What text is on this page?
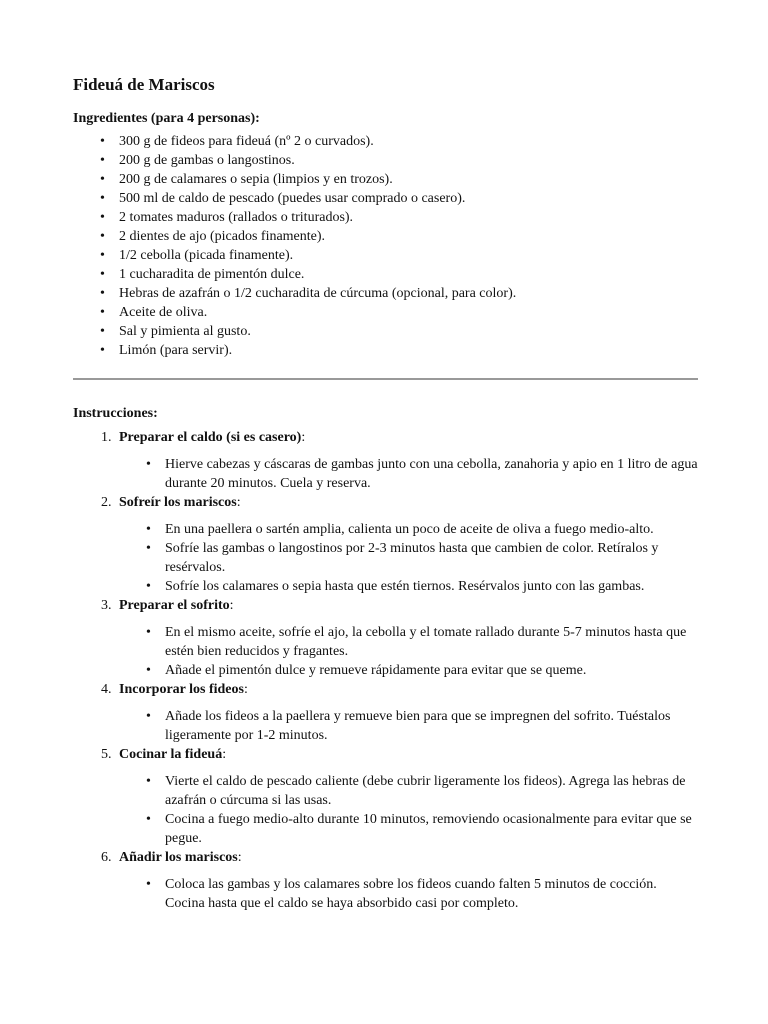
Fideuá de Mariscos
Ingredientes (para 4 personas):
• 300 g de fideos para fideuá (nº 2 o curvados).
• 200 g de gambas o langostinos.
• 200 g de calamares o sepia (limpios y en trozos).
• 500 ml de caldo de pescado (puedes usar comprado o casero).
• 2 tomates maduros (rallados o triturados).
• 2 dientes de ajo (picados finamente).
• 1/2 cebolla (picada finamente).
• 1 cucharadita de pimentón dulce.
• Hebras de azafrán o 1/2 cucharadita de cúrcuma (opcional, para color).
• Aceite de oliva.
• Sal y pimienta al gusto.
• Limón (para servir).
Instrucciones:
1. Preparar el caldo (si es casero):
• Hierve cabezas y cáscaras de gambas junto con una cebolla, zanahoria y apio en 1 litro de agua durante 20 minutos. Cuela y reserva.
2. Sofreír los mariscos:
• En una paellera o sartén amplia, calienta un poco de aceite de oliva a fuego medio-alto.
• Sofríe las gambas o langostinos por 2-3 minutos hasta que cambien de color. Retíralos y resérvalos.
• Sofríe los calamares o sepia hasta que estén tiernos. Resérvalos junto con las gambas.
3. Preparar el sofrito:
• En el mismo aceite, sofríe el ajo, la cebolla y el tomate rallado durante 5-7 minutos hasta que estén bien reducidos y fragantes.
• Añade el pimentón dulce y remueve rápidamente para evitar que se queme.
4. Incorporar los fideos:
• Añade los fideos a la paellera y remueve bien para que se impregnen del sofrito. Tuéstalos ligeramente por 1-2 minutos.
5. Cocinar la fideuá:
• Vierte el caldo de pescado caliente (debe cubrir ligeramente los fideos). Agrega las hebras de azafrán o cúrcuma si las usas.
• Cocina a fuego medio-alto durante 10 minutos, removiendo ocasionalmente para evitar que se pegue.
6. Añadir los mariscos:
• Coloca las gambas y los calamares sobre los fideos cuando falten 5 minutos de cocción. Cocina hasta que el caldo se haya absorbido casi por completo.
